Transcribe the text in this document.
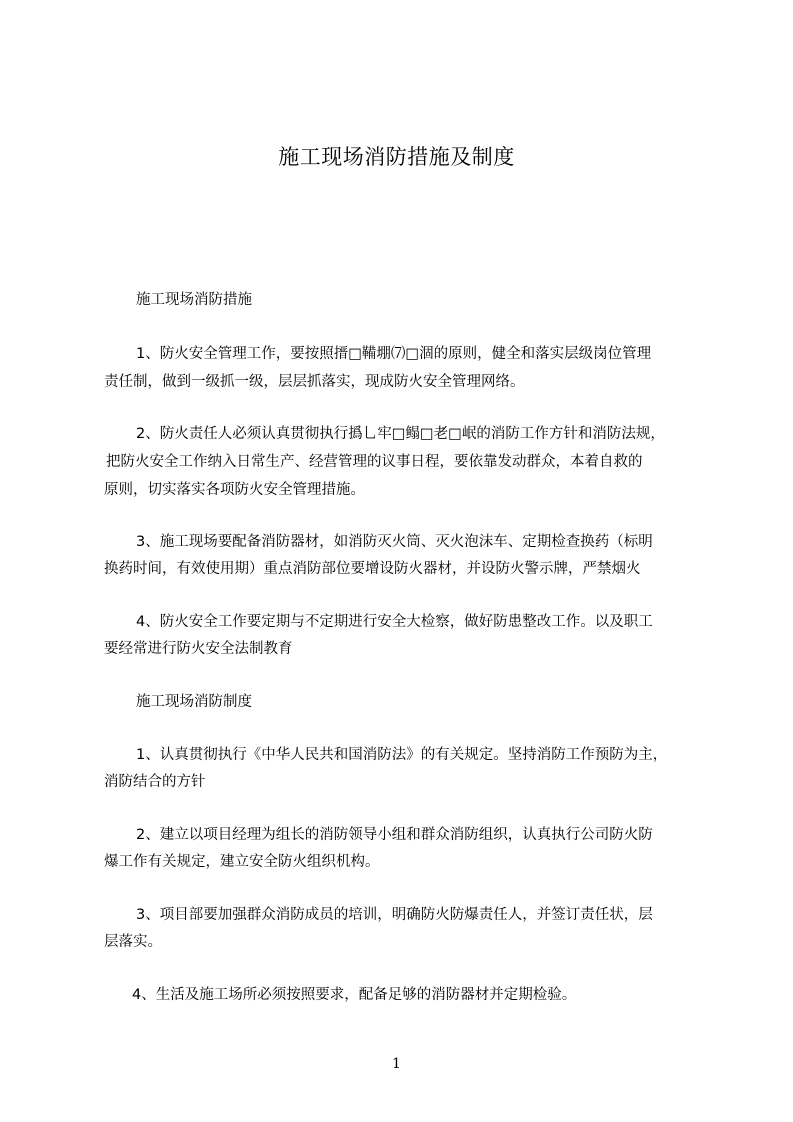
施工现场消防措施及制度
施工现场消防措施
1、防火安全管理工作，要按照搢□鞴堋⑺□涸的原则，健全和落实层级岗位管理
责任制，做到一级抓一级，层层抓落实，现成防火安全管理网络。
2、防火责任人必须认真贯彻执行撝乚牢□鳎□老□岷的消防工作方针和消防法规，
把防火安全工作纳入日常生产、经营管理的议事日程，要依靠发动群众，本着自救的
原则，切实落实各项防火安全管理措施。
3、施工现场要配备消防器材，如消防灭火筒、灭火泡沫车、定期检查换药（标明
换药时间，有效使用期）重点消防部位要增设防火器材，并设防火警示牌，严禁烟火
4、防火安全工作要定期与不定期进行安全大检察，做好防患整改工作。以及职工
要经常进行防火安全法制教育
施工现场消防制度
1、认真贯彻执行《中华人民共和国消防法》的有关规定。坚持消防工作预防为主，
消防结合的方针
2、建立以项目经理为组长的消防领导小组和群众消防组织，认真执行公司防火防
爆工作有关规定，建立安全防火组织机构。
3、项目部要加强群众消防成员的培训，明确防火防爆责任人，并签订责任状，层
层落实。
4、生活及施工场所必须按照要求，配备足够的消防器材并定期检验。
1
